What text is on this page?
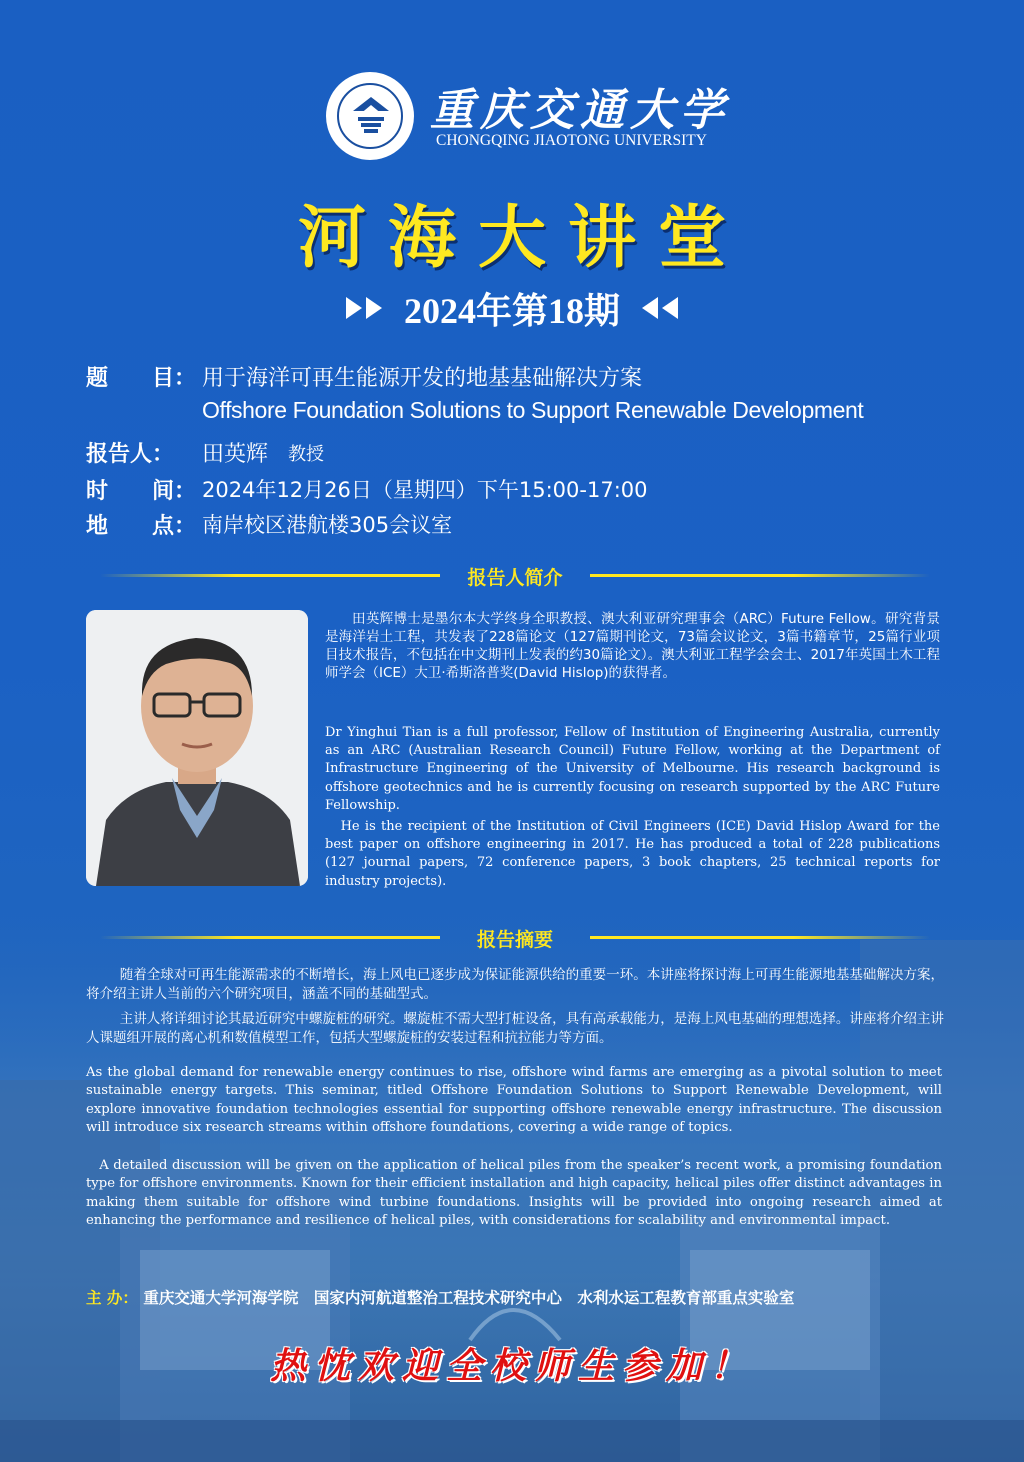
重庆交通大学
CHONGQING JIAOTONG UNIVERSITY
河海大讲堂
2024年第18期
题　　目： 用于海洋可再生能源开发的地基基础解决方案
Offshore Foundation Solutions to Support Renewable Development
报告人： 田英辉 教授
时　　间： 2024年12月26日（星期四）下午15:00-17:00
地　　点： 南岸校区港航楼305会议室
报告人简介
田英辉博士是墨尔本大学终身全职教授、澳大利亚研究理事会（ARC）Future Fellow。研究背景是海洋岩土工程，共发表了228篇论文（127篇期刊论文，73篇会议论文，3篇书籍章节，25篇行业项目技术报告，不包括在中文期刊上发表的约30篇论文）。澳大利亚工程学会会士、2017年英国土木工程师学会（ICE）大卫·希斯洛普奖(David Hislop)的获得者。
Dr Yinghui Tian is a full professor, Fellow of Institution of Engineering Australia, currently as an ARC (Australian Research Council) Future Fellow, working at the Department of Infrastructure Engineering of the University of Melbourne. His research background is offshore geotechnics and he is currently focusing on research supported by the ARC Future Fellowship.
He is the recipient of the Institution of Civil Engineers (ICE) David Hislop Award for the best paper on offshore engineering in 2017. He has produced a total of 228 publications (127 journal papers, 72 conference papers, 3 book chapters, 25 technical reports for industry projects).
报告摘要
随着全球对可再生能源需求的不断增长，海上风电已逐步成为保证能源供给的重要一环。本讲座将探讨海上可再生能源地基基础解决方案，将介绍主讲人当前的六个研究项目，涵盖不同的基础型式。
主讲人将详细讨论其最近研究中螺旋桩的研究。螺旋桩不需大型打桩设备，具有高承载能力，是海上风电基础的理想选择。讲座将介绍主讲人课题组开展的离心机和数值模型工作，包括大型螺旋桩的安装过程和抗拉能力等方面。
As the global demand for renewable energy continues to rise, offshore wind farms are emerging as a pivotal solution to meet sustainable energy targets. This seminar, titled Offshore Foundation Solutions to Support Renewable Development, will explore innovative foundation technologies essential for supporting offshore renewable energy infrastructure. The discussion will introduce six research streams within offshore foundations, covering a wide range of topics.
A detailed discussion will be given on the application of helical piles from the speaker’s recent work, a promising foundation type for offshore environments. Known for their efficient installation and high capacity, helical piles offer distinct advantages in making them suitable for offshore wind turbine foundations. Insights will be provided into ongoing research aimed at enhancing the performance and resilience of helical piles, with considerations for scalability and environmental impact.
主 办： 重庆交通大学河海学院　国家内河航道整治工程技术研究中心　水利水运工程教育部重点实验室
热忱欢迎全校师生参加！
